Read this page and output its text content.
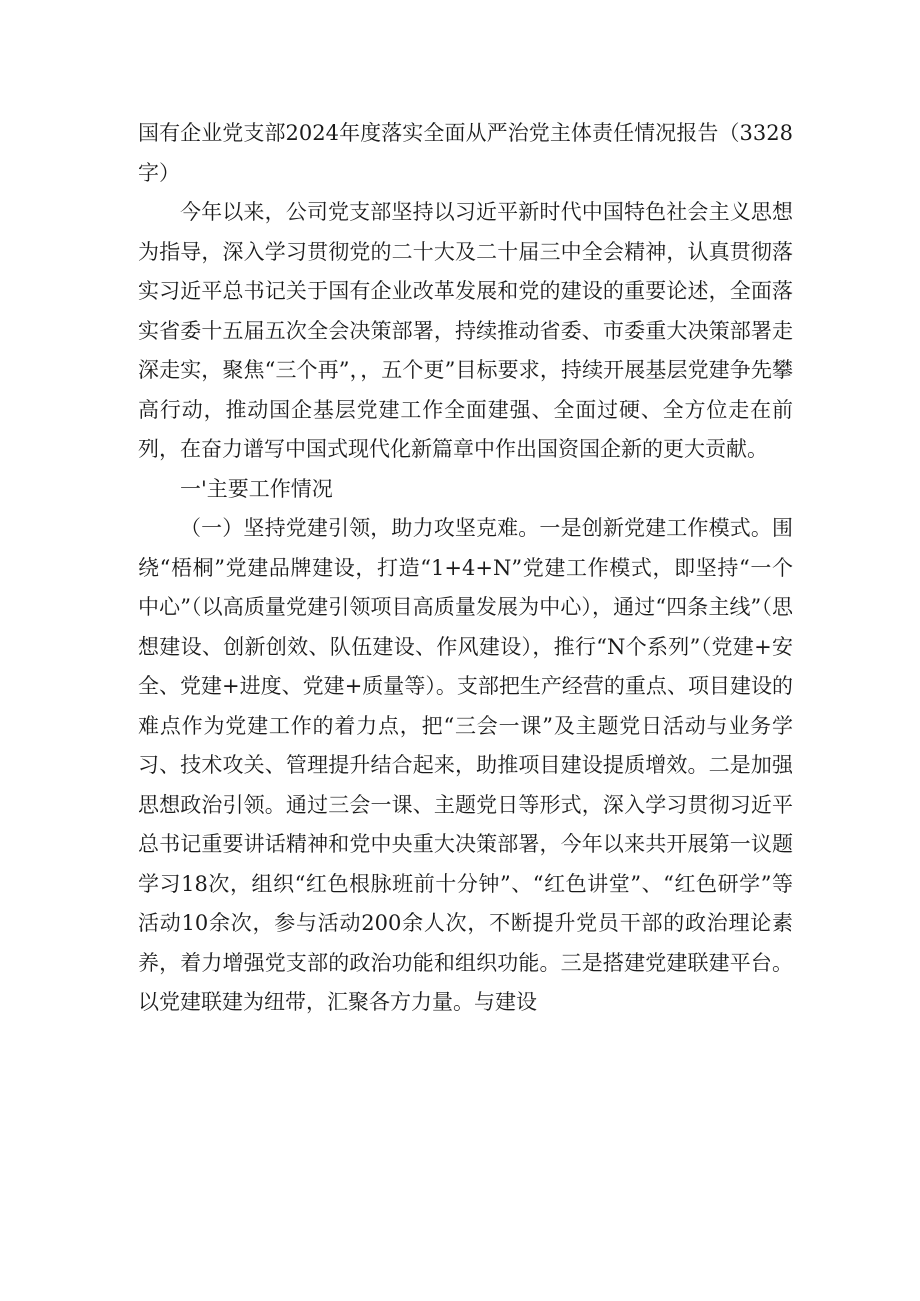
国有企业党支部2024年度落实全面从严治党主体责任情况报告（3328字）

今年以来，公司党支部坚持以习近平新时代中国特色社会主义思想为指导，深入学习贯彻党的二十大及二十届三中全会精神，认真贯彻落实习近平总书记关于国有企业改革发展和党的建设的重要论述，全面落实省委十五届五次全会决策部署，持续推动省委、市委重大决策部署走深走实，聚焦“三个再”，，五个更”目标要求，持续开展基层党建争先攀高行动，推动国企基层党建工作全面建强、全面过硬、全方位走在前列，在奋力谱写中国式现代化新篇章中作出国资国企新的更大贡献。

一'主要工作情况

（一）坚持党建引领，助力攻坚克难。一是创新党建工作模式。围绕“梧桐”党建品牌建设，打造“1+4+N”党建工作模式，即坚持“一个中心”（以高质量党建引领项目高质量发展为中心），通过“四条主线”（思想建设、创新创效、队伍建设、作风建设），推行“N个系列”（党建+安全、党建+进度、党建+质量等）。支部把生产经营的重点、项目建设的难点作为党建工作的着力点，把“三会一课”及主题党日活动与业务学习、技术攻关、管理提升结合起来，助推项目建设提质增效。二是加强思想政治引领。通过三会一课、主题党日等形式，深入学习贯彻习近平总书记重要讲话精神和党中央重大决策部署，今年以来共开展第一议题学习18次，组织“红色根脉班前十分钟”、“红色讲堂”、“红色研学”等活动10余次，参与活动200余人次，不断提升党员干部的政治理论素养，着力增强党支部的政治功能和组织功能。三是搭建党建联建平台。以党建联建为纽带，汇聚各方力量。与建设
